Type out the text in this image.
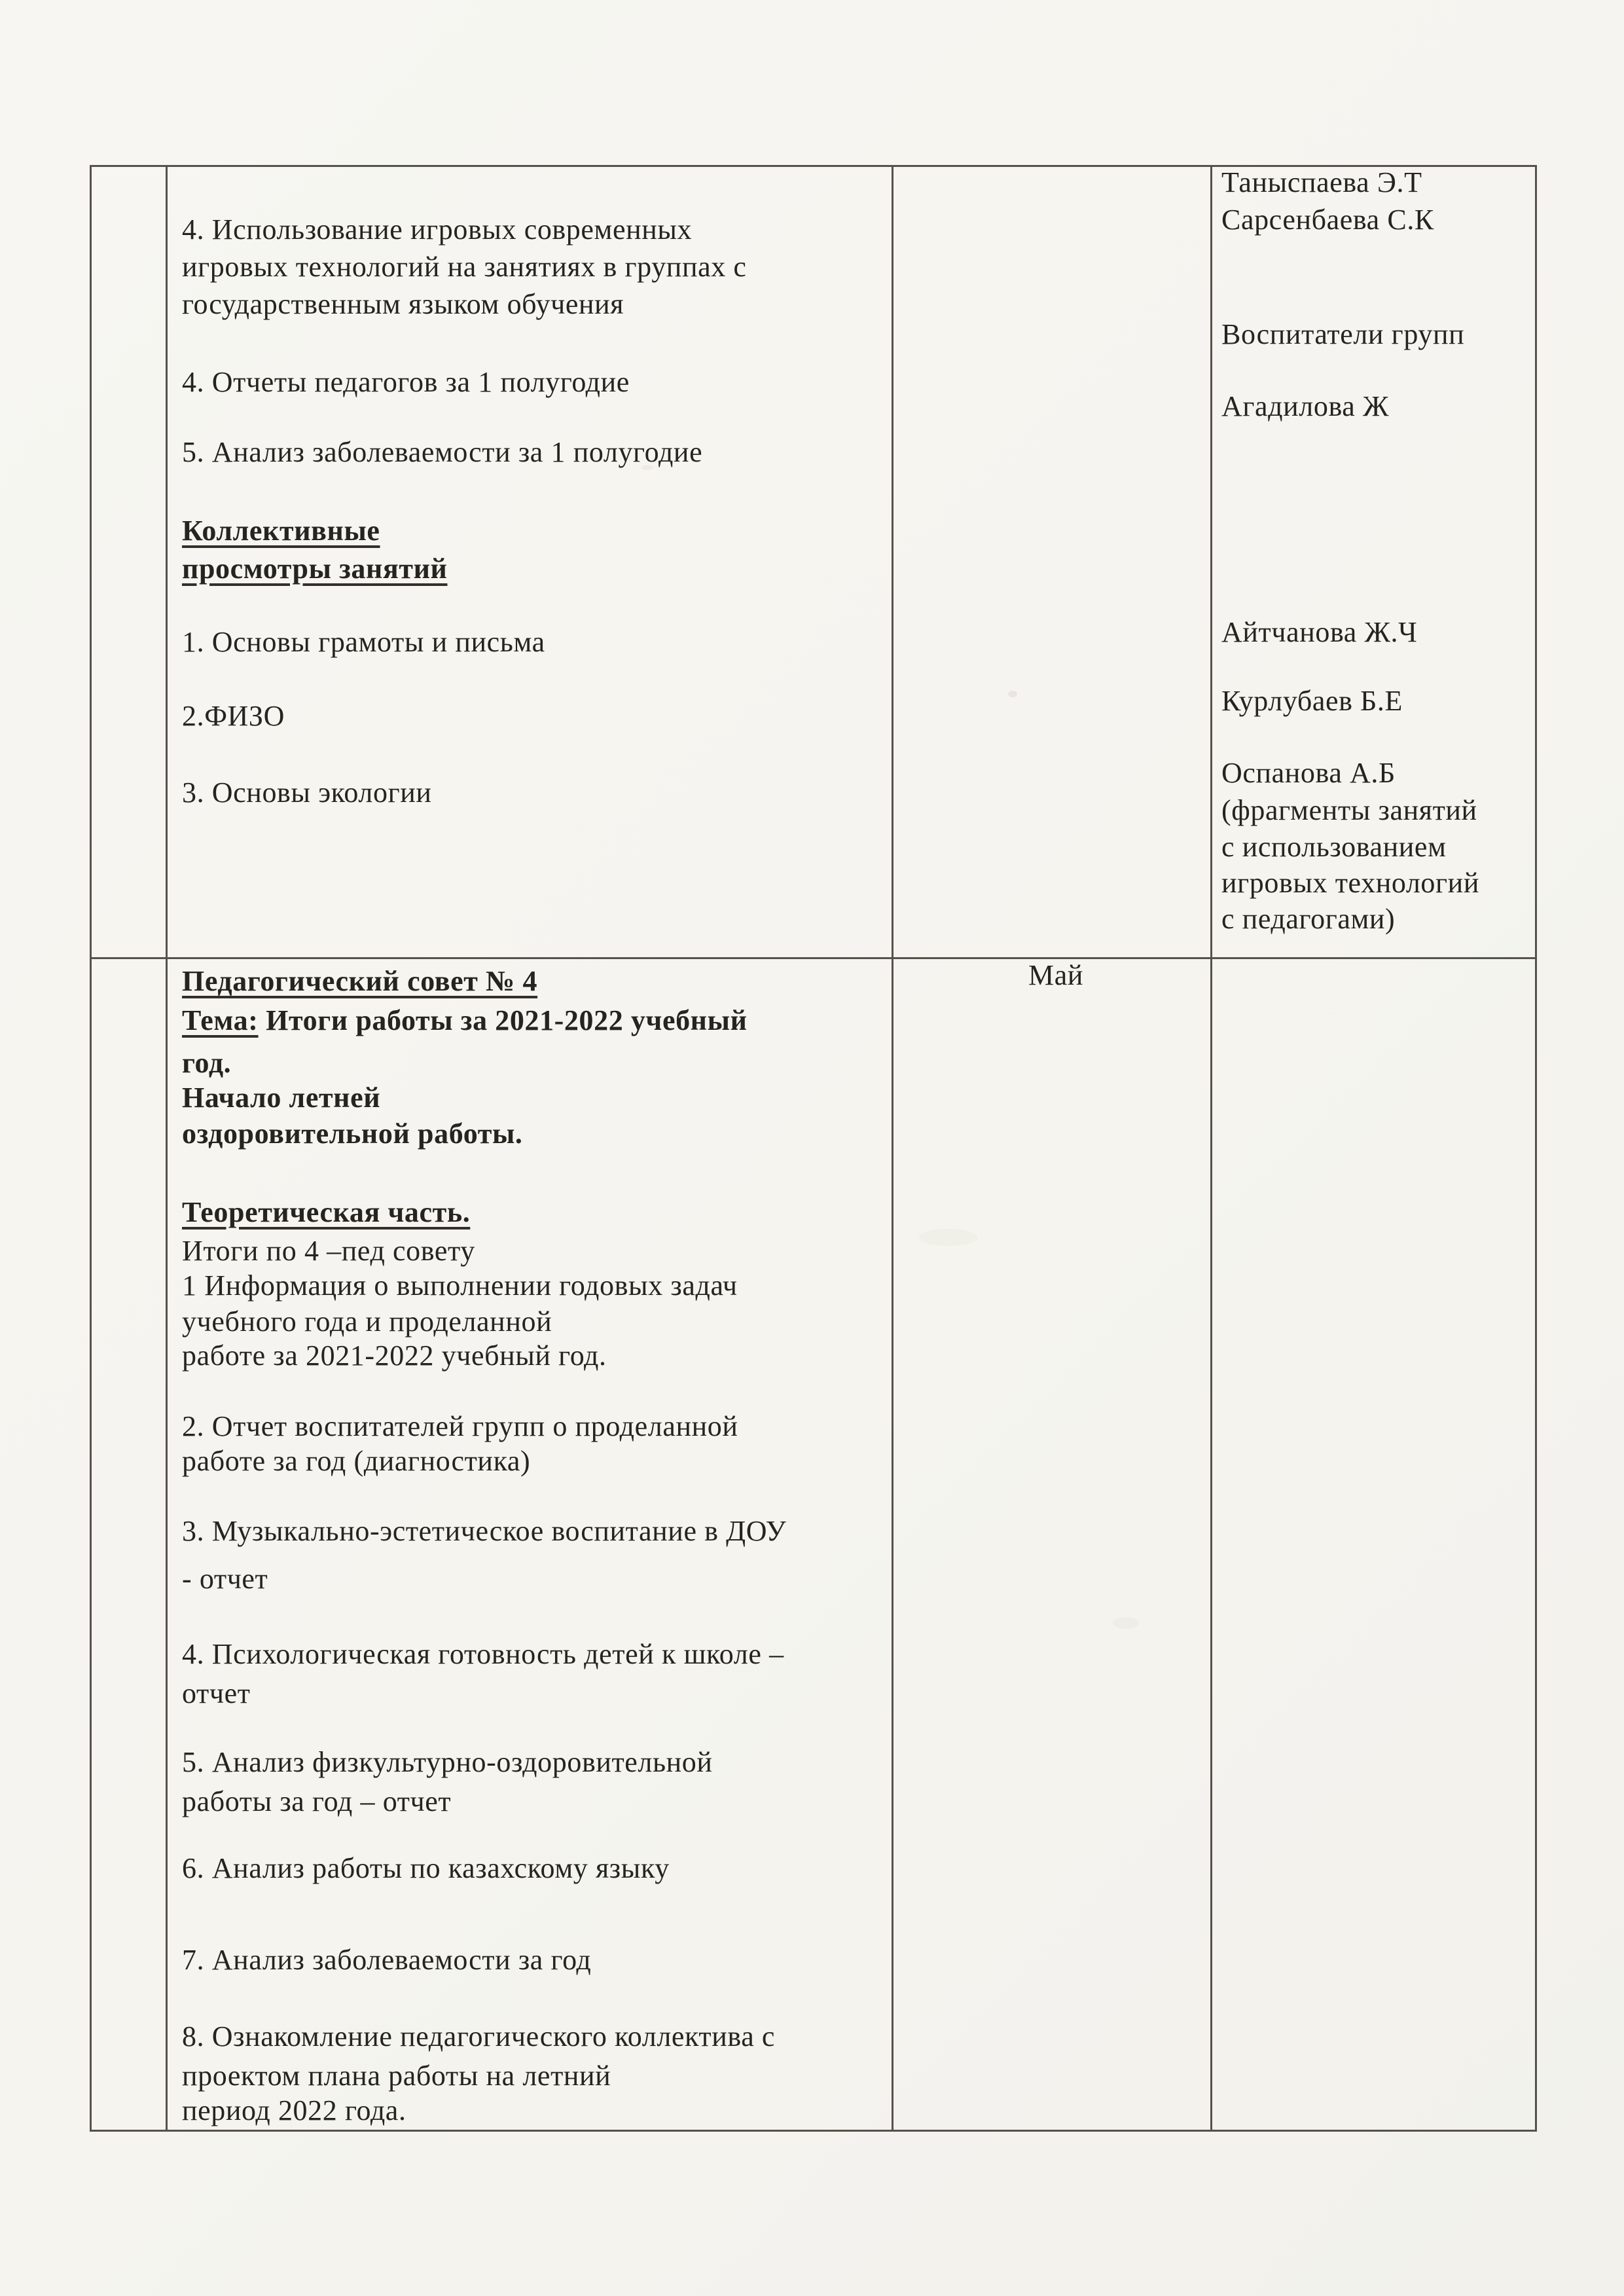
4. Использование игровых современных
игровых технологий на занятиях в группах с
государственным языком обучения
4. Отчеты педагогов за 1 полугодие
5. Анализ заболеваемости за 1 полугодие
Коллективные
просмотры занятий
1. Основы грамоты и письма
2.ФИЗО
3. Основы экологии
Таныспаева Э.Т
Сарсенбаева С.К
Воспитатели групп
Агадилова Ж
Айтчанова Ж.Ч
Курлубаев Б.Е
Оспанова А.Б
(фрагменты занятий
с использованием
игровых технологий
с педагогами)
Май
Педагогический совет № 4
Тема: Итоги работы за 2021-2022 учебный
год.
Начало летней
оздоровительной работы.
Теоретическая часть.
Итоги по 4 –пед совету
1 Информация о выполнении годовых задач
учебного года и проделанной
работе за 2021-2022 учебный год.
2. Отчет воспитателей групп о проделанной
работе за год (диагностика)
3. Музыкально-эстетическое воспитание в ДОУ
- отчет
4. Психологическая готовность детей к школе –
отчет
5. Анализ физкультурно-оздоровительной
работы за год – отчет
6. Анализ работы по казахскому языку
7. Анализ заболеваемости за год
8. Ознакомление педагогического коллектива с
проектом плана работы на летний
период 2022 года.
